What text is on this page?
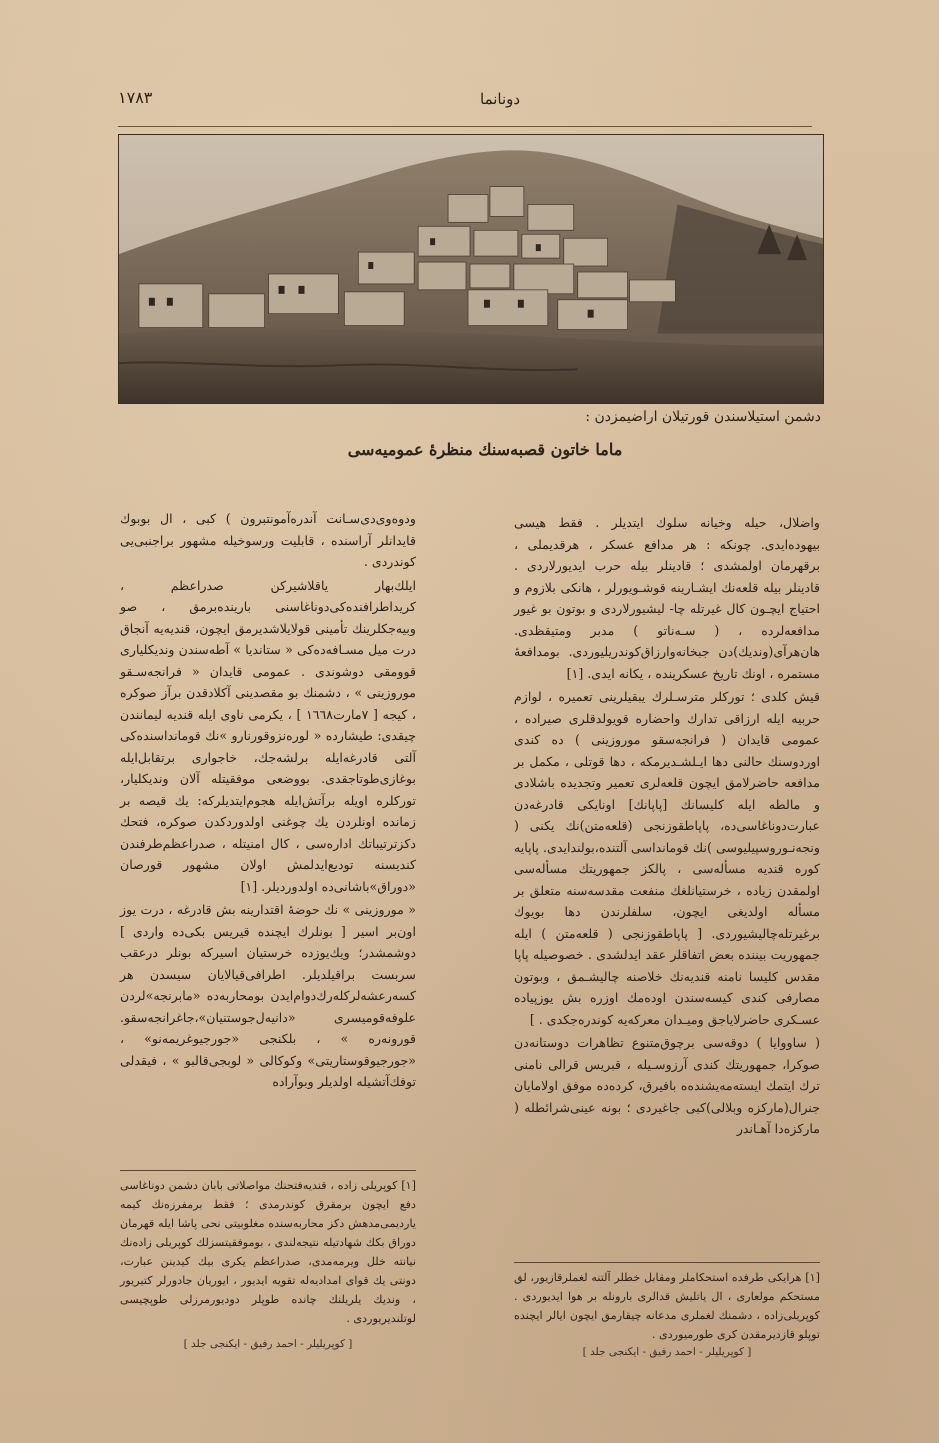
١٧٨٣	دونانما
دشمن استیلاسندن قورتیلان اراضیمزدن :
ماما خاتون قصبه‌سنك منظرهٔ عمومیه‌سی

واضلال، حیله وخیانه سلوك ایتدیلر . فقط هیسی بیهوده‌ایدی. چونکه : هر مدافع عسکر ، هرقدیملی ، برقهرمان اولمشدی ؛ قادینلر بیله حرب ایدیورلاردی . قادینلر بیله قلعه‌نك ایشـارینه قوشـویورلر ، هانکی بلازوم و احتیاج ایچـون کال غیرتله چا- لیشیورلاردی و بوتون بو غیور مدافعه‌لرده ، ( سـه‌ناتو ) مدبر ومتیقظدی. هان‌هرآی(وندیك)دن جبخانه‌وارزاق‌کوندریلیوردی. بومدافعهٔ مستمره ، اونك تاریخ عسکرینده ، یکانه ایدی. [١]

قیش کلدی ؛ تورکلر مترسـلرك یبقیلرینی تعمیره ، لوازم حربیه ایله ارزاقی تدارك واحضاره قویولدقلری صیراده ، عمومی قایدان ( فرانجه‌سقو موروزینی ) ده کندی اوردوسنك حالنی دها ایـلشـدیرمکه ، دها قوتلی ، مکمل بر مدافعه حاضرلامق ایچون قلعه‌لری تعمیر وتجدیده باشلادی و مالطه ایله کلیسانك [پاپانك] اونایکی قادرغه‌دن عبارت‌دوناغاسی‌ده، پاپاطقوزنجی (قلعه‌متن)نك یکنی ( ونجه‌نـوروسپیلیوسی )نك قومانداسی آلتنده،بولندایدی. پاپایه کوره قندیه مسأله‌سی ، پالکز جمهوریتك مسأله‌سی اولمقدن زیاده ، خرستیانلغك منفعت مقدسه‌سنه متعلق بر مسأله اولدیغی ایچون، سلفلرندن دها بویوك برغیرتله‌چالیشیوردی. [ پاپاطقوزنجی ( قلعه‌متن ) ایله جمهوریت بیننده بعض اتفاقلر عقد ایدلشدی . خصوصیله پاپا مقدس کلیسا نامنه قندیه‌نك خلاصنه چالیشـمق ، وبوتون مصارفی کندی کیسه‌سندن اوده‌مك اوزره بش یوزپیاده عسـکری حاضرلایاجق ومیـدان معرکه‌یه کوندره‌جکدی . ]

( ساووایا ) دوقه‌سی برچوق‌متنوع تظاهرات دوستانه‌دن صوکرا، جمهوریتك کندی آرزوسـیله ، قبریس قرالی نامنی ترك ایتمك ایسته‌مه‌یشنده‌ه بافیرق، کرده‌ده موفق اولامایان جنرال(مارکزه وبلالی)کبی جاغیردی ؛ بونه عینی‌شرائطله ( مارکزه‌دا آهـاندر

ودوه‌وی‌دی‌سـانت آندره‌آ‌مونتبرون ) کبی ، ال بوبوك قایدانلر آراسنده ، قابلیت ورسوخیله مشهور براجنبی‌یی کوندردی .

ایلك‌بهار یاقلاشیرکن صدراعظم ، کریدا‌طرافنده‌کی‌دوناغاسنی بارینده‌برمق ، صو وبیه‌جکلرینك تأمینی قولایلاشدیرمق ایچون، قندیه‌یه آنجاق درت میل مسـافه‌ده‌کی « ستاندیا » آطه‌سندن وندیکلیاری قوومقی دوشوندی . عمومی قایدان « فرانجه‌سـقو موروزینی » ، دشمنك بو مقصدینی آکلادقدن برآز صوکره ، کیجه [ ٧مارت١٦٦٨ ] ، یکرمی ناوی ایله قندیه لیمانندن چیقدی: طیشارده « لوره‌نزوقورنارو »نك قوماندا‌سنده‌کی آلتی قادرغه‌ایله برلشه‌جك، خاجواری برتقابل‌ایله بوغازی‌طوتاجقدی. بووضعی موفقیتله آلان وندیکلیار، تورکلره اویله برآتش‌ایله هجوم‌ایتدیلرکه: یك قیصه بر زمانده اونلردن یك چوغنی اولدوردکدن صوکره، فتحك دکزترتیباتك اداره‌سی ، کال امنیتله ، صدراعظم‌طرفندن کندیسنه تودیع‌ایدلمش اولان مشهور قورصان «دوراق»‌باشانی‌ده اولدوردیلر. [١]

« موروزینی » نك حوضهٔ اقتدارینه بش قادرغه ، درت یوز اون‌بر اسیر [ بونلرك ایچنده قیریس بکی‌ده واردی ] دوشمشدر؛ ویك‌یوزده خرستیان اسیرکه بونلر درعقب سربست براقیلدیلر. اطرافی‌قیالایان سیسدن هر کسه‌رعشه‌لرکله‌رك‌دوام‌ایدن بومحاربه‌ده «مابرنجه»لردن علوفه‌قومیسری «دانیه‌ل‌جوستنیان»،جاغرانجه‌سقو. قورونه‌ره » ، بلکنجی «جورجیوغریمه‌نو» ، «جورجیوقوستاریتی» وکوکالی « لوبجی‌قالبو » ، فیقدلی توفك‌آتشیله اولدیلر وبوآراده

[١] کوپریلی زاده ، قندیه‌فتحنك مواصلاتی بابان دشمن دوناغاسی دفع ایچون برمقرق کوندرمدی ؛ فقط برمفرزه‌نك کیمه یاردیمی‌مدهش دکز محاربه‌سنده مغلوبیتی نحی پاشا ایله قهرمان دوراق بکك شهادتیله نتیجه‌لندی ، بوموفقیتسزلك کوپریلی زاده‌نك نیانته خلل ویرمه‌مدی، صدراعظم یکری بیك کیدینن عبارت، دونتی یك قوای امدادیه‌له تقویه ایدیور ، ایوریان جادورلر کتیریور ، وندیك یلریلنك چانده طوپلر دودیورمرزلی طوپچیسی لوتلندیریوردی .
[ کوپریلیلر - احمد رفیق - ایکنجی جلد ]
[١] هرایکی طرفده استحکاملر ومقابل خطلر آلتنه لغملرقازیور، لق مستحکم مولعاری ، ال یاتلیش قدالری بارونله بر هوا ایدیوردی . کوپریلی‌زاده ، دشمنك لغملری مدعانه چیقارمق ایچون ایالر ایچنده توپلو قازدیرمقدن کری طورمیوردی .
[ کوپریلیلر - احمد رفیق - ایکنجی جلد ]
